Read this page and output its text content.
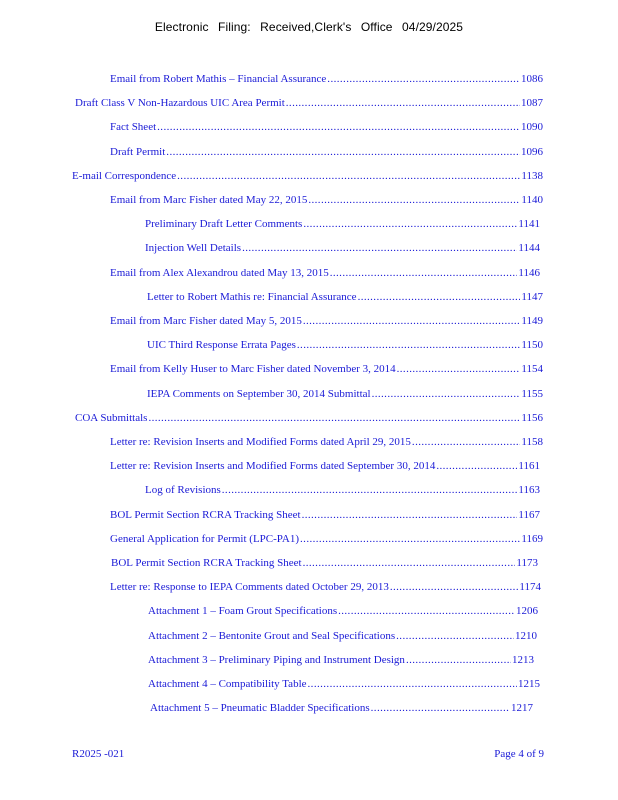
Electronic Filing: Received,Clerk's Office 04/29/2025
Email from Robert Mathis – Financial Assurance .....	1086
Draft Class V Non-Hazardous UIC Area Permit .....	1087
Fact Sheet .....	1090
Draft Permit .....	1096
E-mail Correspondence .....	1138
Email from Marc Fisher dated May 22, 2015 .....	1140
Preliminary Draft Letter Comments .....	1141
Injection Well Details .....	1144
Email from Alex Alexandrou dated May 13, 2015 .....	1146
Letter to Robert Mathis re: Financial Assurance .....	1147
Email from Marc Fisher dated May 5, 2015 .....	1149
UIC Third Response Errata Pages .....	1150
Email from Kelly Huser to Marc Fisher dated November 3, 2014 .....	1154
IEPA Comments on September 30, 2014 Submittal .....	1155
COA Submittals .....	1156
Letter re: Revision Inserts and Modified Forms dated April 29, 2015 .....	1158
Letter re: Revision Inserts and Modified Forms dated September 30, 2014 .....	1161
Log of Revisions .....	1163
BOL Permit Section RCRA Tracking Sheet .....	1167
General Application for Permit (LPC-PA1) .....	1169
BOL Permit Section RCRA Tracking Sheet .....	1173
Letter re: Response to IEPA Comments dated October 29, 2013 .....	1174
Attachment 1 – Foam Grout Specifications .....	1206
Attachment 2 – Bentonite Grout and Seal Specifications .....	1210
Attachment 3 – Preliminary Piping and Instrument Design .....	1213
Attachment 4 – Compatibility Table .....	1215
Attachment 5 – Pneumatic Bladder Specifications .....	1217
R2025 -021	Page 4 of 9
